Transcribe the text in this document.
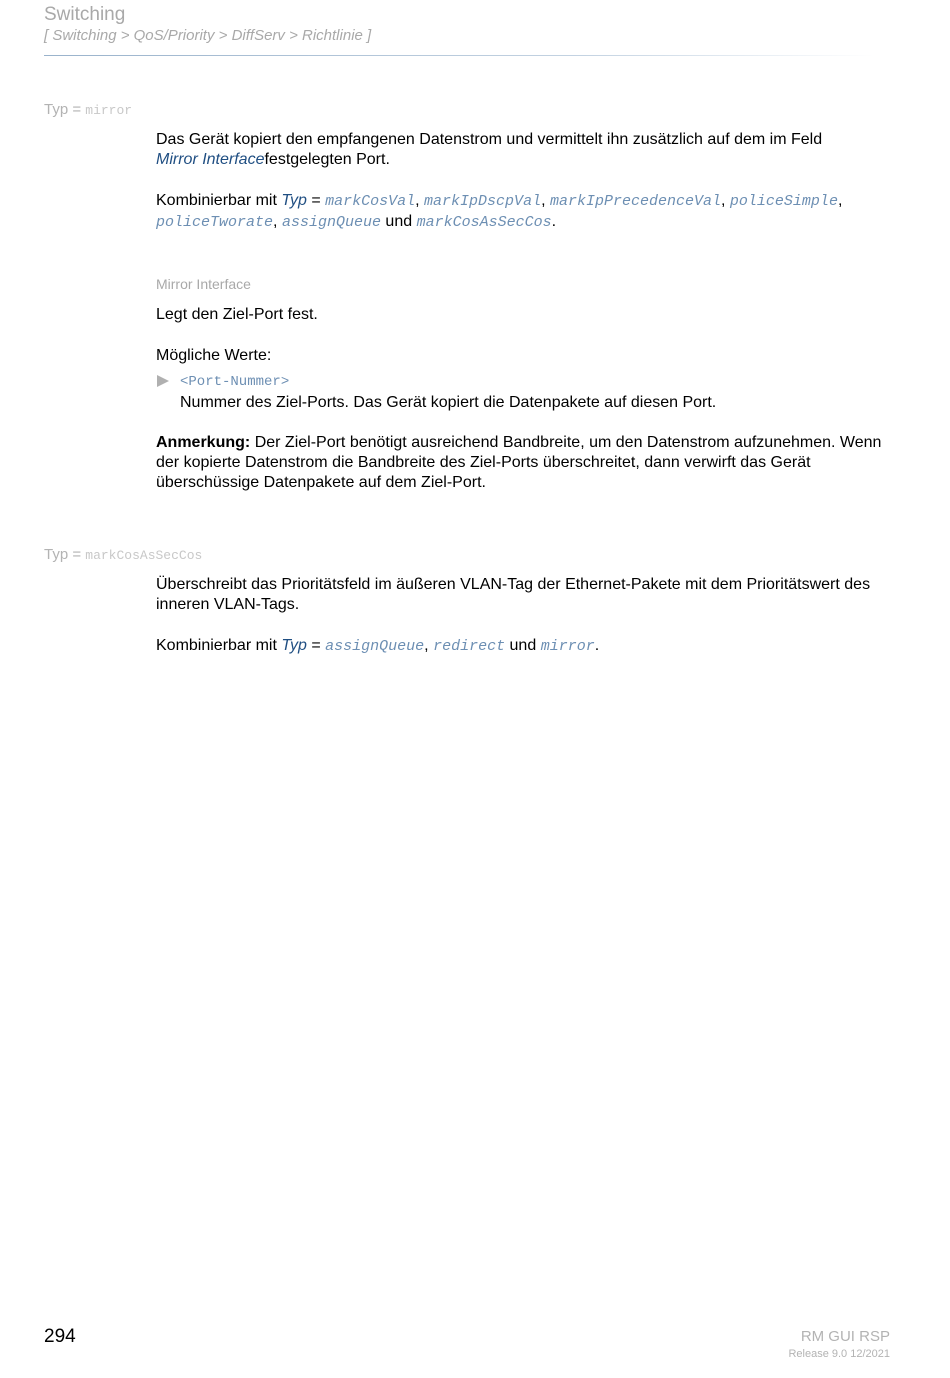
Switching
[ Switching > QoS/Priority > DiffServ > Richtlinie ]
Typ = mirror
Das Gerät kopiert den empfangenen Datenstrom und vermittelt ihn zusätzlich auf dem im Feld
Mirror Interfacefestgelegten Port.
Kombinierbar mit Typ = markCosVal, markIpDscpVal, markIpPrecedenceVal, policeSimple,
policeTworate, assignQueue und markCosAsSecCos.
Mirror Interface
Legt den Ziel-Port fest.
Mögliche Werte:
<Port-Nummer>
Nummer des Ziel-Ports. Das Gerät kopiert die Datenpakete auf diesen Port.
Anmerkung: Der Ziel-Port benötigt ausreichend Bandbreite, um den Datenstrom aufzunehmen. Wenn der kopierte Datenstrom die Bandbreite des Ziel-Ports überschreitet, dann verwirft das Gerät überschüssige Datenpakete auf dem Ziel-Port.
Typ = markCosAsSecCos
Überschreibt das Prioritätsfeld im äußeren VLAN-Tag der Ethernet-Pakete mit dem Prioritätswert des inneren VLAN-Tags.
Kombinierbar mit Typ = assignQueue, redirect und mirror.
294	RM GUI RSP
Release 9.0 12/2021
